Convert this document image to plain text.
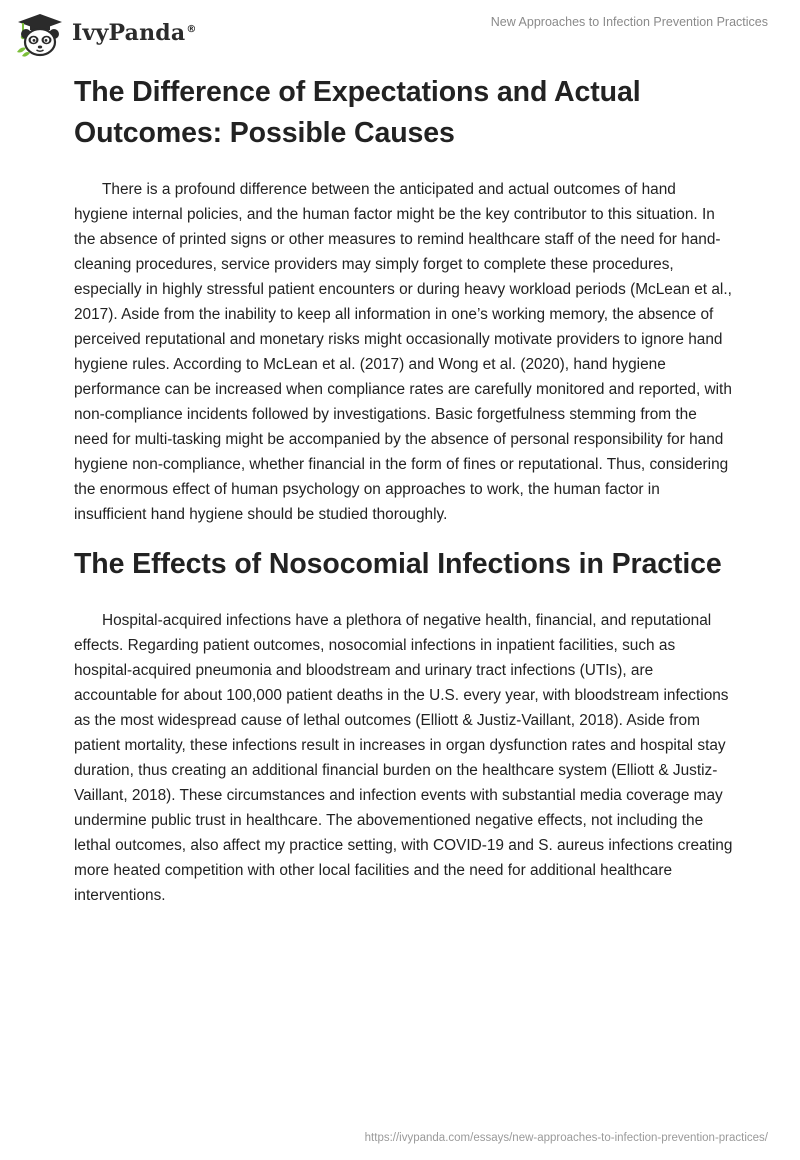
IvyPanda®
New Approaches to Infection Prevention Practices
The Difference of Expectations and Actual Outcomes: Possible Causes

There is a profound difference between the anticipated and actual outcomes of hand hygiene internal policies, and the human factor might be the key contributor to this situation. In the absence of printed signs or other measures to remind healthcare staff of the need for hand-cleaning procedures, service providers may simply forget to complete these procedures, especially in highly stressful patient encounters or during heavy workload periods (McLean et al., 2017). Aside from the inability to keep all information in one’s working memory, the absence of perceived reputational and monetary risks might occasionally motivate providers to ignore hand hygiene rules. According to McLean et al. (2017) and Wong et al. (2020), hand hygiene performance can be increased when compliance rates are carefully monitored and reported, with non-compliance incidents followed by investigations. Basic forgetfulness stemming from the need for multi-tasking might be accompanied by the absence of personal responsibility for hand hygiene non-compliance, whether financial in the form of fines or reputational. Thus, considering the enormous effect of human psychology on approaches to work, the human factor in insufficient hand hygiene should be studied thoroughly.

The Effects of Nosocomial Infections in Practice

Hospital-acquired infections have a plethora of negative health, financial, and reputational effects. Regarding patient outcomes, nosocomial infections in inpatient facilities, such as hospital-acquired pneumonia and bloodstream and urinary tract infections (UTIs), are accountable for about 100,000 patient deaths in the U.S. every year, with bloodstream infections as the most widespread cause of lethal outcomes (Elliott & Justiz-Vaillant, 2018). Aside from patient mortality, these infections result in increases in organ dysfunction rates and hospital stay duration, thus creating an additional financial burden on the healthcare system (Elliott & Justiz-Vaillant, 2018). These circumstances and infection events with substantial media coverage may undermine public trust in healthcare. The abovementioned negative effects, not including the lethal outcomes, also affect my practice setting, with COVID-19 and S. aureus infections creating more heated competition with other local facilities and the need for additional healthcare interventions.

https://ivypanda.com/essays/new-approaches-to-infection-prevention-practices/
